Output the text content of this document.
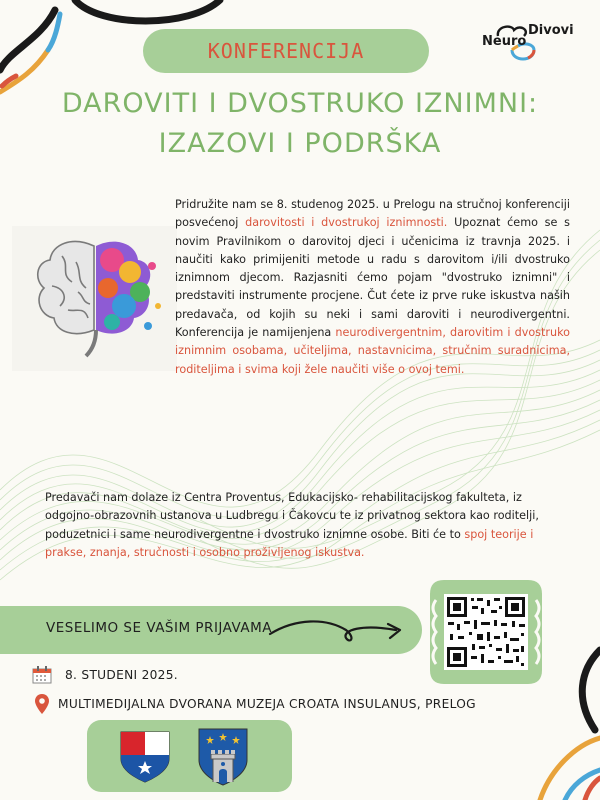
Neuro
Divovi
KONFERENCIJA
DAROVITI I DVOSTRUKO IZNIMNI:
IZAZOVI I PODRŠKA
Pridružite nam se 8. studenog 2025. u Prelogu na stručnoj konferenciji posvećenoj darovitosti i dvostrukoj iznimnosti. Upoznat ćemo se s novim Pravilnikom o darovitoj djeci i učenicima iz travnja 2025. i naučiti kako primijeniti metode u radu s darovitom i/ili dvostruko iznimnom djecom. Razjasniti ćemo pojam "dvostruko iznimni" i predstaviti instrumente procjene. Čut ćete iz prve ruke iskustva naših predavača, od kojih su neki i sami daroviti i neurodivergentni. Konferencija je namijenjena neurodivergentnim, darovitim i dvostruko iznimnim osobama, učiteljima, nastavnicima, stručnim suradnicima, roditeljima i svima koji žele naučiti više o ovoj temi.
Predavači nam dolaze iz Centra Proventus, Edukacijsko- rehabilitacijskog fakulteta, iz odgojno-obrazovnih ustanova u Ludbregu i Čakovcu te iz privatnog sektora kao roditelji, poduzetnici i same neurodivergentne i dvostruko iznimne osobe. Biti će to spoj teorije i prakse, znanja, stručnosti i osobno proživljenog iskustva.
VESELIMO SE VAŠIM PRIJAVAMA
8. STUDENI 2025.
MULTIMEDIJALNA DVORANA MUZEJA CROATA INSULANUS, PRELOG
